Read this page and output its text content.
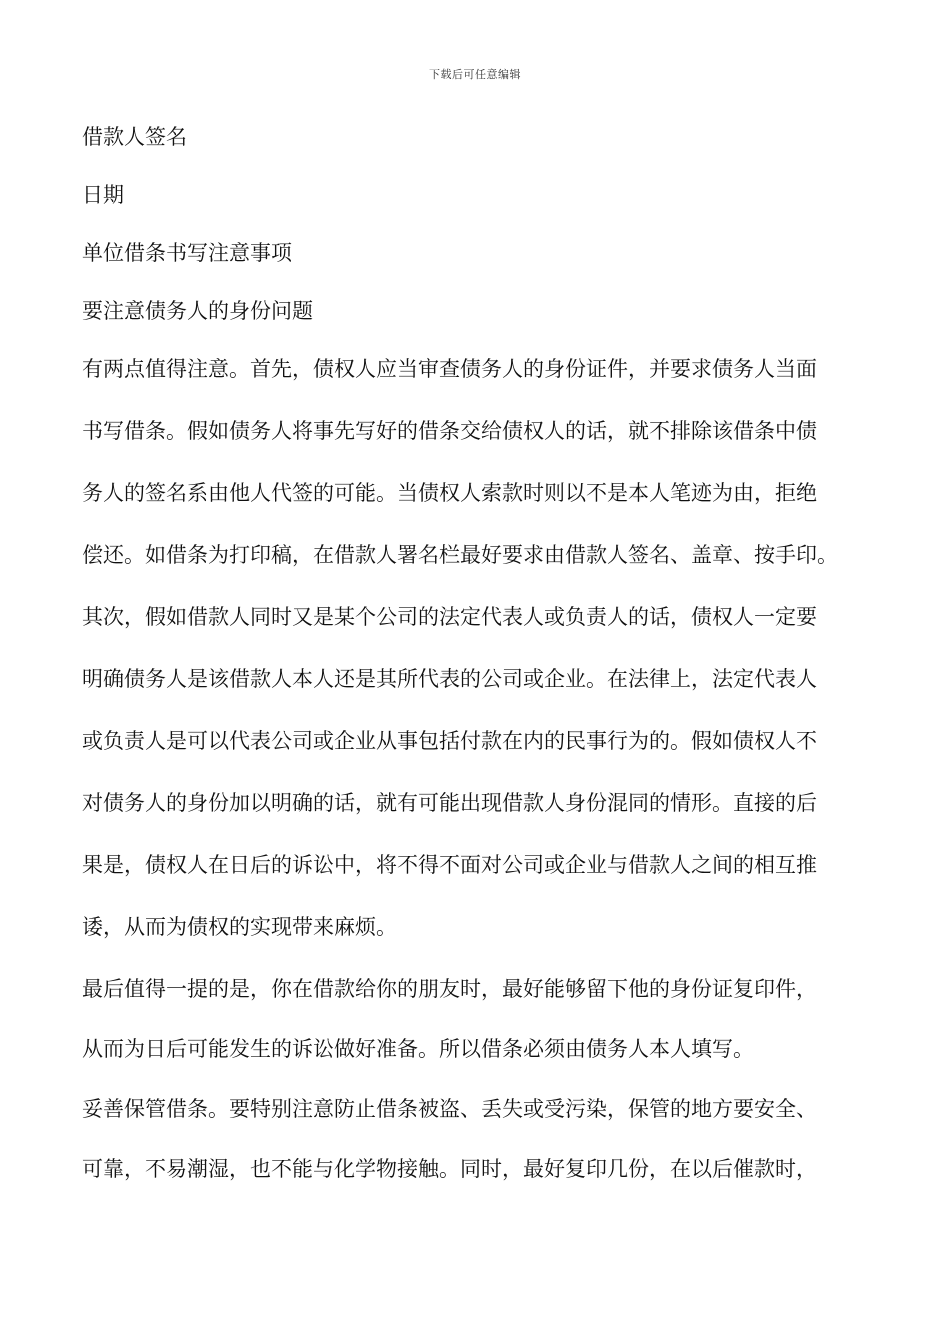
下载后可任意编辑
借款人签名
日期
单位借条书写注意事项
要注意债务人的身份问题
有两点值得注意。首先，债权人应当审查债务人的身份证件，并要求债务人当面
书写借条。假如债务人将事先写好的借条交给债权人的话，就不排除该借条中债
务人的签名系由他人代签的可能。当债权人索款时则以不是本人笔迹为由，拒绝
偿还。如借条为打印稿，在借款人署名栏最好要求由借款人签名、盖章、按手印。
其次，假如借款人同时又是某个公司的法定代表人或负责人的话，债权人一定要
明确债务人是该借款人本人还是其所代表的公司或企业。在法律上，法定代表人
或负责人是可以代表公司或企业从事包括付款在内的民事行为的。假如债权人不
对债务人的身份加以明确的话，就有可能出现借款人身份混同的情形。直接的后
果是，债权人在日后的诉讼中，将不得不面对公司或企业与借款人之间的相互推
诿，从而为债权的实现带来麻烦。
最后值得一提的是，你在借款给你的朋友时，最好能够留下他的身份证复印件，
从而为日后可能发生的诉讼做好准备。所以借条必须由债务人本人填写。
妥善保管借条。要特别注意防止借条被盗、丢失或受污染，保管的地方要安全、
可靠，不易潮湿，也不能与化学物接触。同时，最好复印几份，在以后催款时，
